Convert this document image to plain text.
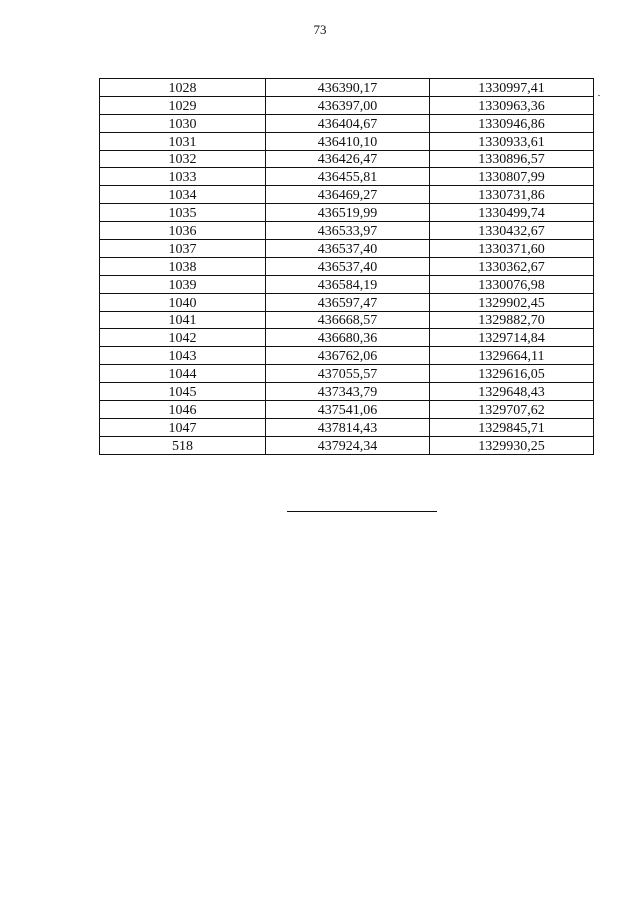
73
1028	436390,17	1330997,41
1029	436397,00	1330963,36
1030	436404,67	1330946,86
1031	436410,10	1330933,61
1032	436426,47	1330896,57
1033	436455,81	1330807,99
1034	436469,27	1330731,86
1035	436519,99	1330499,74
1036	436533,97	1330432,67
1037	436537,40	1330371,60
1038	436537,40	1330362,67
1039	436584,19	1330076,98
1040	436597,47	1329902,45
1041	436668,57	1329882,70
1042	436680,36	1329714,84
1043	436762,06	1329664,11
1044	437055,57	1329616,05
1045	437343,79	1329648,43
1046	437541,06	1329707,62
1047	437814,43	1329845,71
518	437924,34	1329930,25
